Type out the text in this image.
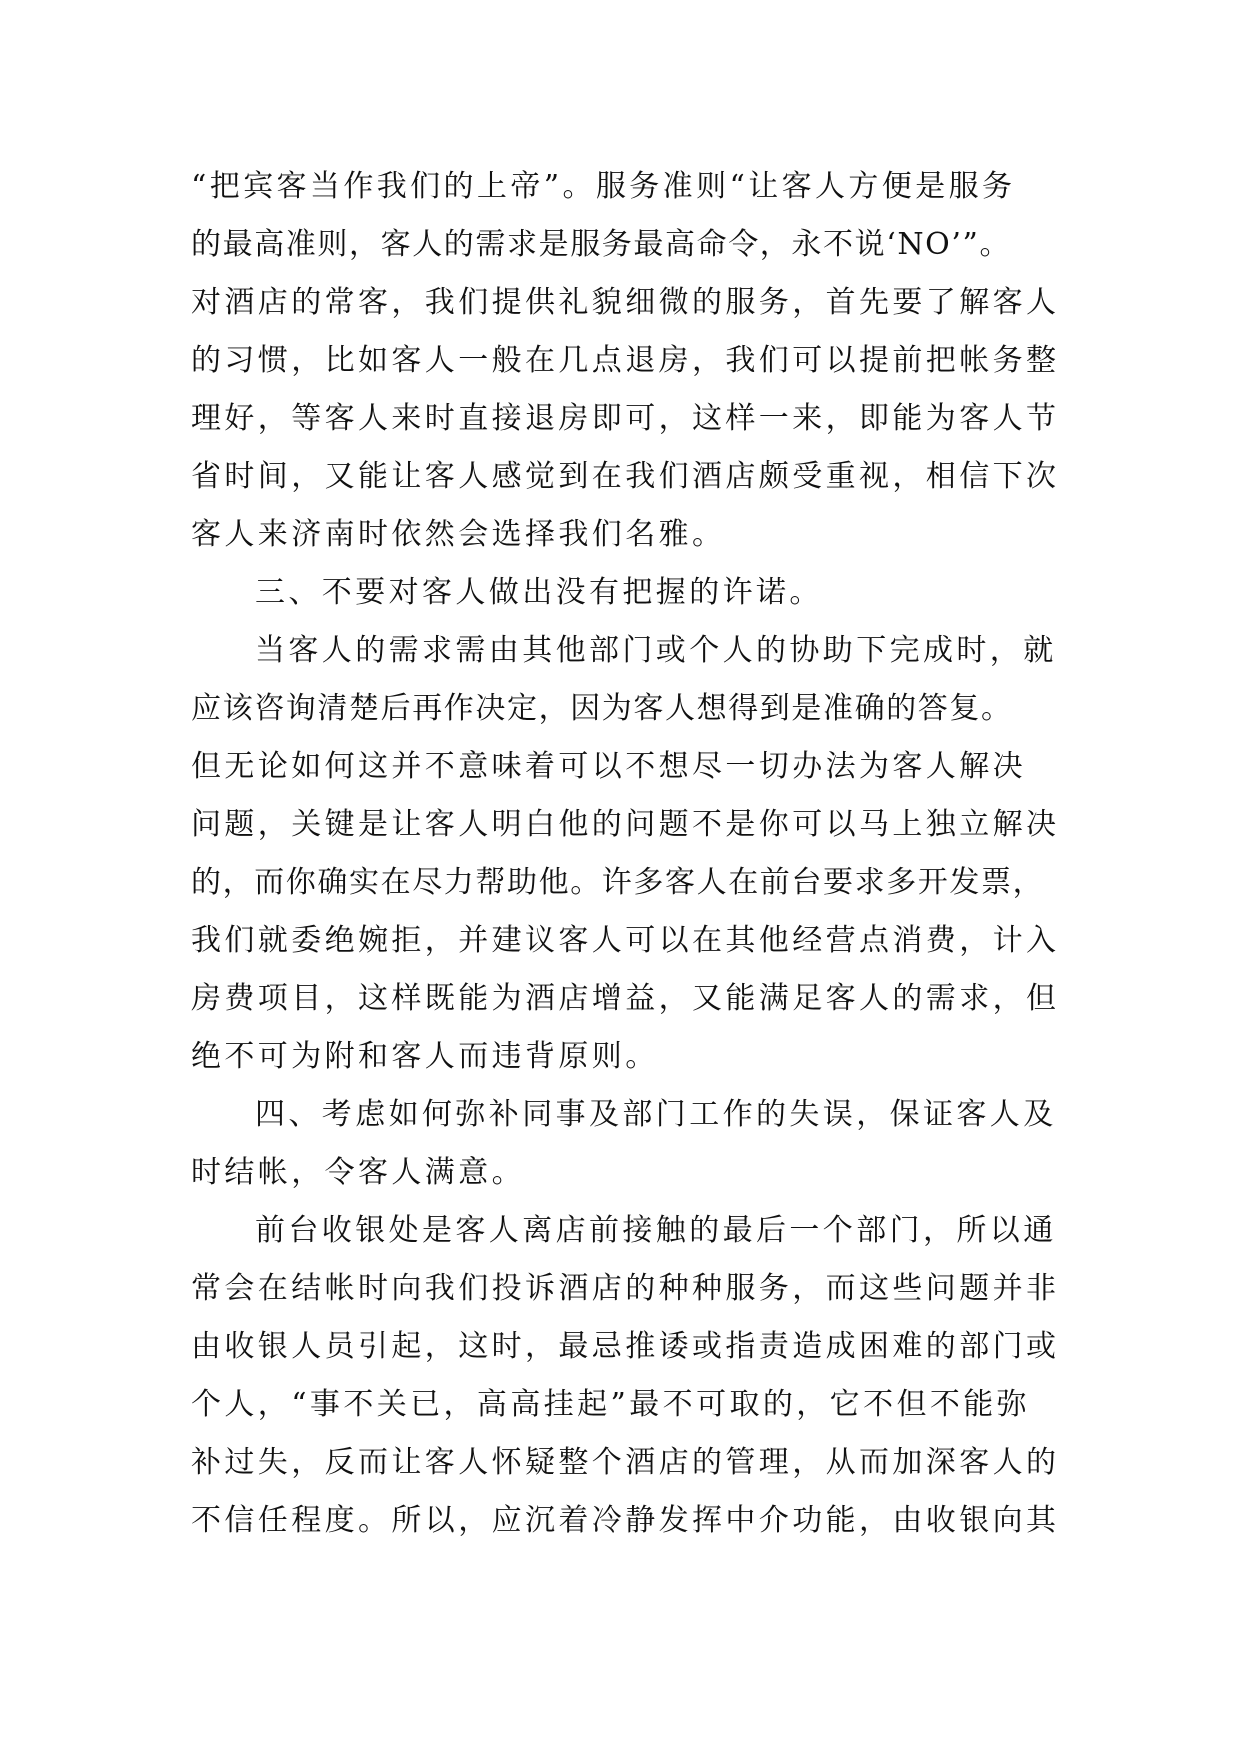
“把宾客当作我们的上帝”。服务准则“让客人方便是服务
的最高准则，客人的需求是服务最高命令，永不说‘NO’”。
对酒店的常客，我们提供礼貌细微的服务，首先要了解客人
的习惯，比如客人一般在几点退房，我们可以提前把帐务整
理好，等客人来时直接退房即可，这样一来，即能为客人节
省时间，又能让客人感觉到在我们酒店颇受重视，相信下次
客人来济南时依然会选择我们名雅。
三、不要对客人做出没有把握的许诺。
当客人的需求需由其他部门或个人的协助下完成时，就
应该咨询清楚后再作决定，因为客人想得到是准确的答复。
但无论如何这并不意味着可以不想尽一切办法为客人解决
问题，关键是让客人明白他的问题不是你可以马上独立解决
的，而你确实在尽力帮助他。许多客人在前台要求多开发票，
我们就委绝婉拒，并建议客人可以在其他经营点消费，计入
房费项目，这样既能为酒店增益，又能满足客人的需求，但
绝不可为附和客人而违背原则。
四、考虑如何弥补同事及部门工作的失误，保证客人及
时结帐，令客人满意。
前台收银处是客人离店前接触的最后一个部门，所以通
常会在结帐时向我们投诉酒店的种种服务，而这些问题并非
由收银人员引起，这时，最忌推诿或指责造成困难的部门或
个人，“事不关已，高高挂起”最不可取的，它不但不能弥
补过失，反而让客人怀疑整个酒店的管理，从而加深客人的
不信任程度。所以，应沉着冷静发挥中介功能，由收银向其
